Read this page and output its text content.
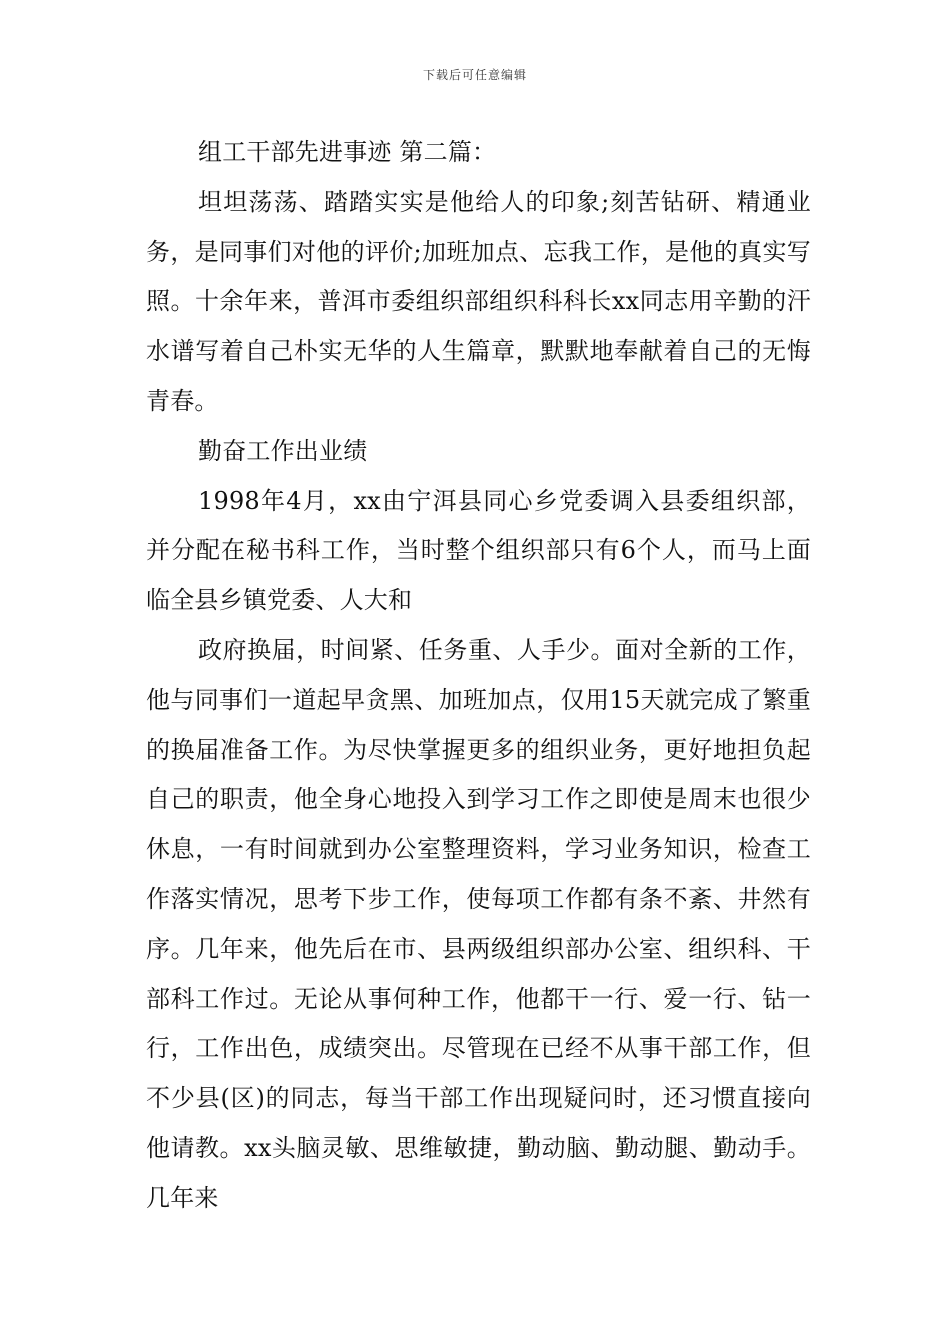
下载后可任意编辑

组工干部先进事迹 第二篇：

坦坦荡荡、踏踏实实是他给人的印象;刻苦钻研、精通业务，是同事们对他的评价;加班加点、忘我工作，是他的真实写照。十余年来，普洱市委组织部组织科科长xx同志用辛勤的汗水谱写着自己朴实无华的人生篇章，默默地奉献着自己的无悔青春。

勤奋工作出业绩

1998年4月，xx由宁洱县同心乡党委调入县委组织部，并分配在秘书科工作，当时整个组织部只有6个人，而马上面临全县乡镇党委、人大和

政府换届，时间紧、任务重、人手少。面对全新的工作，他与同事们一道起早贪黑、加班加点，仅用15天就完成了繁重的换届准备工作。为尽快掌握更多的组织业务，更好地担负起自己的职责，他全身心地投入到学习工作之即使是周末也很少休息，一有时间就到办公室整理资料，学习业务知识，检查工作落实情况，思考下步工作，使每项工作都有条不紊、井然有序。几年来，他先后在市、县两级组织部办公室、组织科、干部科工作过。无论从事何种工作，他都干一行、爱一行、钻一行，工作出色，成绩突出。尽管现在已经不从事干部工作，但不少县(区)的同志，每当干部工作出现疑问时，还习惯直接向他请教。xx头脑灵敏、思维敏捷，勤动脑、勤动腿、勤动手。几年来
